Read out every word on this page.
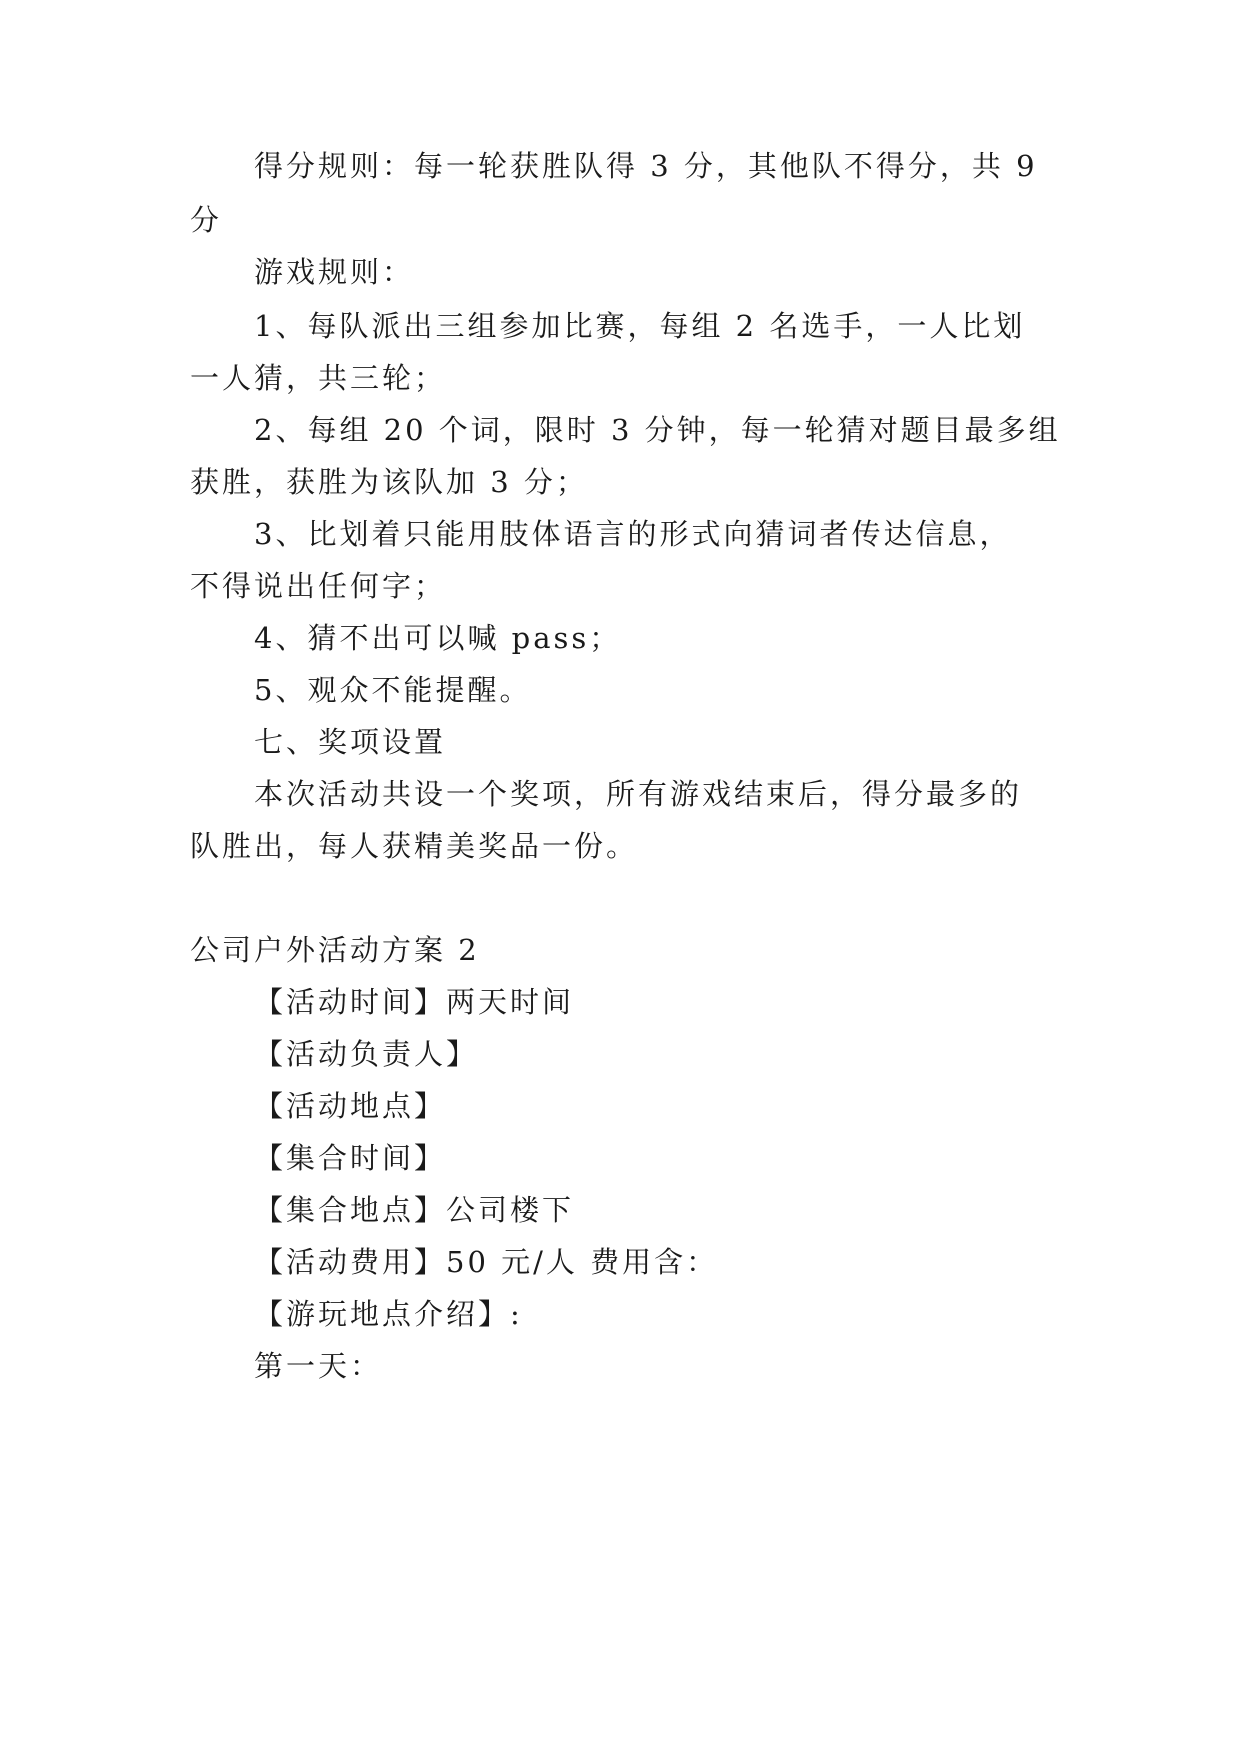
得分规则：每一轮获胜队得 3 分，其他队不得分，共 9
分
游戏规则：
1、每队派出三组参加比赛，每组 2 名选手，一人比划
一人猜，共三轮；
2、每组 20 个词，限时 3 分钟，每一轮猜对题目最多组
获胜，获胜为该队加 3 分；
3、比划着只能用肢体语言的形式向猜词者传达信息，
不得说出任何字；
4、猜不出可以喊 pass；
5、观众不能提醒。
七、奖项设置
本次活动共设一个奖项，所有游戏结束后，得分最多的
队胜出，每人获精美奖品一份。
公司户外活动方案 2
【活动时间】两天时间
【活动负责人】
【活动地点】
【集合时间】
【集合地点】公司楼下
【活动费用】50 元/人 费用含：
【游玩地点介绍】:
第一天：
